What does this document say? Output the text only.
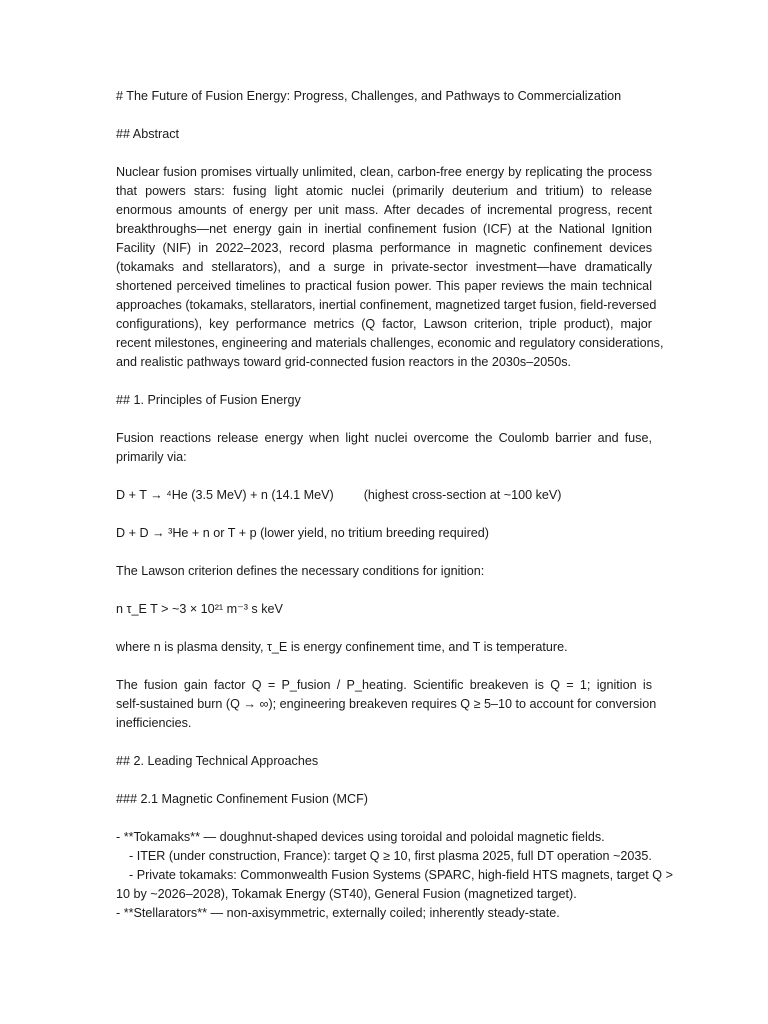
# The Future of Fusion Energy: Progress, Challenges, and Pathways to Commercialization

## Abstract

Nuclear fusion promises virtually unlimited, clean, carbon-free energy by replicating the process

that powers stars: fusing light atomic nuclei (primarily deuterium and tritium) to release

enormous amounts of energy per unit mass. After decades of incremental progress, recent

breakthroughs—net energy gain in inertial confinement fusion (ICF) at the National Ignition

Facility (NIF) in 2022–2023, record plasma performance in magnetic confinement devices

(tokamaks and stellarators), and a surge in private-sector investment—have dramatically

shortened perceived timelines to practical fusion power. This paper reviews the main technical

approaches (tokamaks, stellarators, inertial confinement, magnetized target fusion, field-reversed

configurations), key performance metrics (Q factor, Lawson criterion, triple product), major

recent milestones, engineering and materials challenges, economic and regulatory considerations,

and realistic pathways toward grid-connected fusion reactors in the 2030s–2050s.

## 1. Principles of Fusion Energy

Fusion reactions release energy when light nuclei overcome the Coulomb barrier and fuse,

primarily via:

D + T → ⁴He (3.5 MeV) + n (14.1 MeV) (highest cross-section at ~100 keV)

D + D → ³He + n or T + p (lower yield, no tritium breeding required)

The Lawson criterion defines the necessary conditions for ignition:

n τ_E T > ~3 × 10²¹ m⁻³ s keV

where n is plasma density, τ_E is energy confinement time, and T is temperature.

The fusion gain factor Q = P_fusion / P_heating. Scientific breakeven is Q = 1; ignition is

self-sustained burn (Q → ∞); engineering breakeven requires Q ≥ 5–10 to account for conversion

inefficiencies.

## 2. Leading Technical Approaches

### 2.1 Magnetic Confinement Fusion (MCF)

- **Tokamaks** — doughnut-shaped devices using toroidal and poloidal magnetic fields.

- ITER (under construction, France): target Q ≥ 10, first plasma 2025, full DT operation ~2035.

- Private tokamaks: Commonwealth Fusion Systems (SPARC, high-field HTS magnets, target Q >

10 by ~2026–2028), Tokamak Energy (ST40), General Fusion (magnetized target).

- **Stellarators** — non-axisymmetric, externally coiled; inherently steady-state.
